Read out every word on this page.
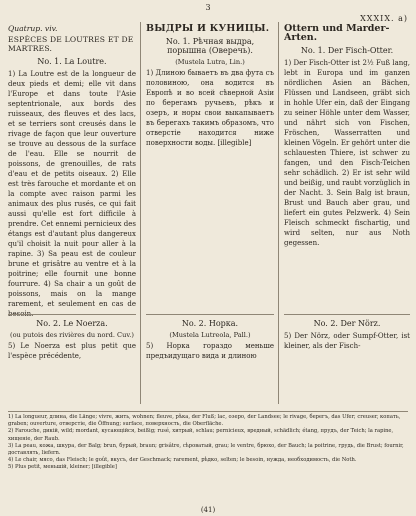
3
XXXIX. a)

Quatrup. viv.

ESPÈCES DE LOUTRES ET DE MARTRES.

No. 1. La Loutre.

1) La Loutre est de la longueur de deux pieds et demi; elle vit dans l'Europe et dans toute l'Asie septentrionale, aux bords des ruisseaux, des fleuves et des lacs, et se terriers sont creusés dans le rivage de façon que leur ouverture se trouve au dessous de la surface de l'eau. Elle se nourrit de poissons, de grenouilles, de rats d'eau et de petits oiseaux. 2) Elle est très farouche et mordante et on la compte avec raison parmi les animaux des plus rusés, ce qui fait aussi qu'elle est fort difficile à prendre. Cet ennemi pernicieux des étangs est d'autant plus dangereux qu'il choisit la nuit pour aller à la rapine. 3) Sa peau est de couleur brune et grisâtre au ventre et à la poitrine; elle fournit une bonne fourrure. 4) Sa chair a un goût de poissons, mais on la mange rarement, et seulement en cas de besoin.

No. 2. Le Noerza.

(ou putois des rivières du nord. Cuv.)

5) Le Noerza est plus petit que l'espèce précédente,

ВЫДРЫ И КУНИЦЫ.

No. 1. Рѣчная выдра, порышна (Oверечь).

(Mustela Lutra, Lin.)

1) Длиною бываетъ въ два фута съ половиною, она водится въ Европѣ и во всей сѣверной Азіи по берегамъ ручьевъ, рѣкъ и озеръ, и норы свои выкапываетъ въ берегахъ такимъ образомъ, что отверстіе находится ниже поверхности воды. [illegible]

No. 2. Норка.

(Mustela Lutreola, Pall.)

5) Норка гораздо меньше предъидущаго вида и длиною

Ottern und Marder-Arten.

No. 1. Der Fisch-Otter.

1) Der Fisch-Otter ist 2½ Fuß lang, lebt in Europa und im ganzen nördlichen Asien an Bächen, Flüssen und Landseen, gräbt sich in hohle Ufer ein, daß der Eingang zu seiner Höhle unter dem Wasser, und nährt sich von Fischen, Fröschen, Wasserratten und kleinen Vögeln. Er gehört unter die schlauesten Thiere, ist schwer zu fangen, und den Fisch-Teichen sehr schädlich. 2) Er ist sehr wild und beißig, und raubt vorzüglich in der Nacht. 3. Sein Balg ist braun, Brust und Bauch aber grau, und liefert ein gutes Pelzwerk. 4) Sein Fleisch schmeckt fischartig, und wird selten, nur aus Noth gegessen.

No. 2. Der Nörz.

5) Der Nörz, oder Sumpf-Otter, ist kleiner, als der Fisch-

1) La longueur, длина, die Länge; vivre, жить, wohnen; fleuve, рѣка, der Fluß; lac, озеро, der Landsee; le rivage, берегъ, das Ufer; creuser, копать, graben; ouverture, отверстіе, die Öffnung; surface, поверхность, die Oberfläche.

2) Farouche, дикій, wild; mordant, кусающійся, beißig; rusé, хитрый, schlau; pernicieux, вредный, schädlich; étang, прудъ, der Teich; la rapine, хищеніе, der Raub.

3) La peau, кожа, шкура, der Balg; brun, бурый, braun; grisâtre, сѣроватый, grau; le ventre, брюхо, der Bauch; la poitrine, грудь, die Brust; fournir, доставлять, liefern.

4) Le chair, мясо, das Fleisch; le goût, вкусъ, der Geschmack; rarement, рѣдко, selten; le besoin, нужда, необходимость, die Noth.

5) Plus petit, меньшій, kleiner; [illegible]

(41)
